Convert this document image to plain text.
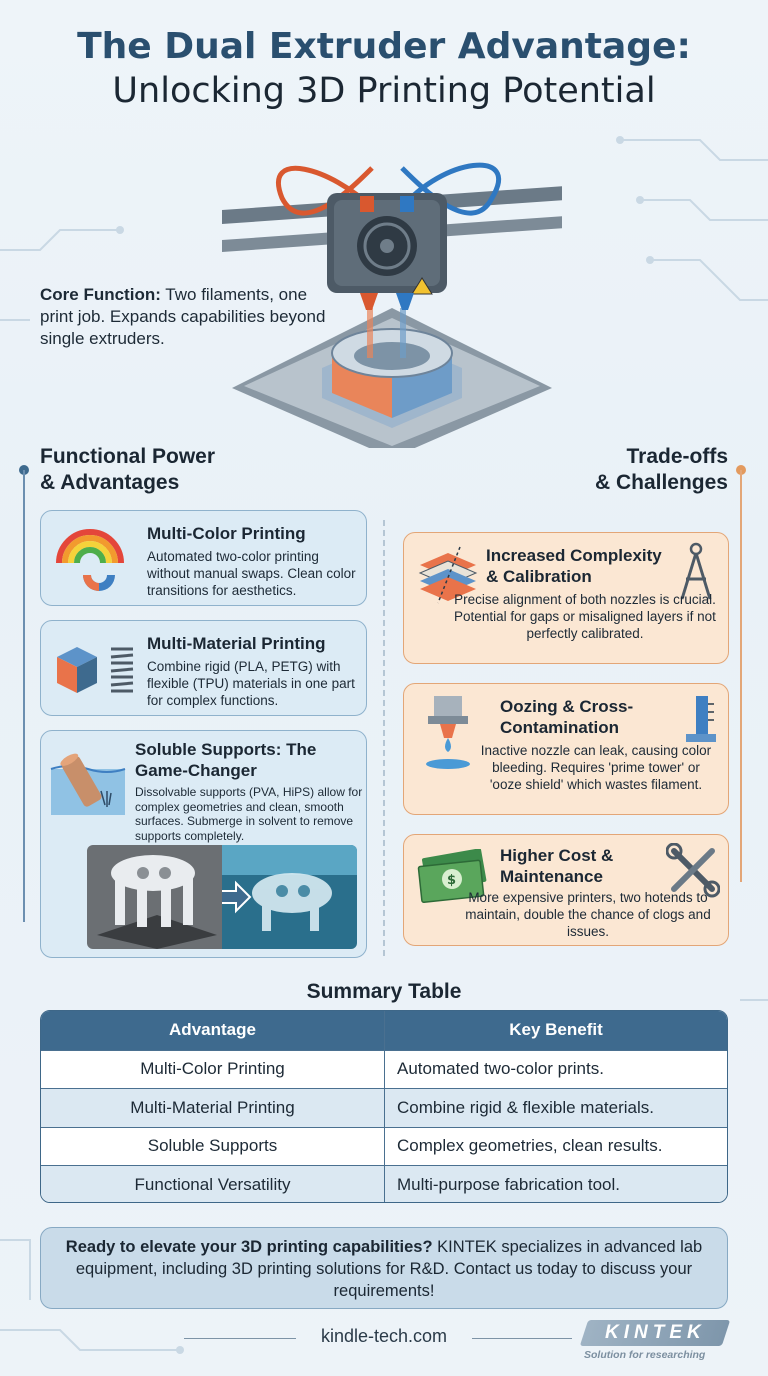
The Dual Extruder Advantage:
Unlocking 3D Printing Potential
Core Function: Two filaments, one print job. Expands capabilities beyond single extruders.
Functional Power
& Advantages
Trade-offs
& Challenges
Multi-Color Printing

Automated two-color printing without manual swaps. Clean color transitions for aesthetics.

Multi-Material Printing

Combine rigid (PLA, PETG) with flexible (TPU) materials in one part for complex functions.

Soluble Supports: The
Game-Changer

Dissolvable supports (PVA, HiPS) allow for complex geometries and clean, smooth surfaces. Submerge in solvent to remove supports completely.

Increased Complexity
& Calibration

Precise alignment of both nozzles is crucial. Potential for gaps or misaligned layers if not perfectly calibrated.

Oozing & Cross-
Contamination

Inactive nozzle can leak, causing color bleeding. Requires 'prime tower' or 'ooze shield' which wastes filament.

$
Higher Cost &
Maintenance

More expensive printers, two hotends to maintain, double the chance of clogs and issues.

Summary Table
Advantage	Key Benefit
Multi-Color Printing	Automated two-color prints.
Multi-Material Printing	Combine rigid & flexible materials.
Soluble Supports	Complex geometries, clean results.
Functional Versatility	Multi-purpose fabrication tool.
Ready to elevate your 3D printing capabilities? KINTEK specializes in advanced lab equipment, including 3D printing solutions for R&D. Contact us today to discuss your requirements!
kindle-tech.com	KINTEK
Solution for researching
